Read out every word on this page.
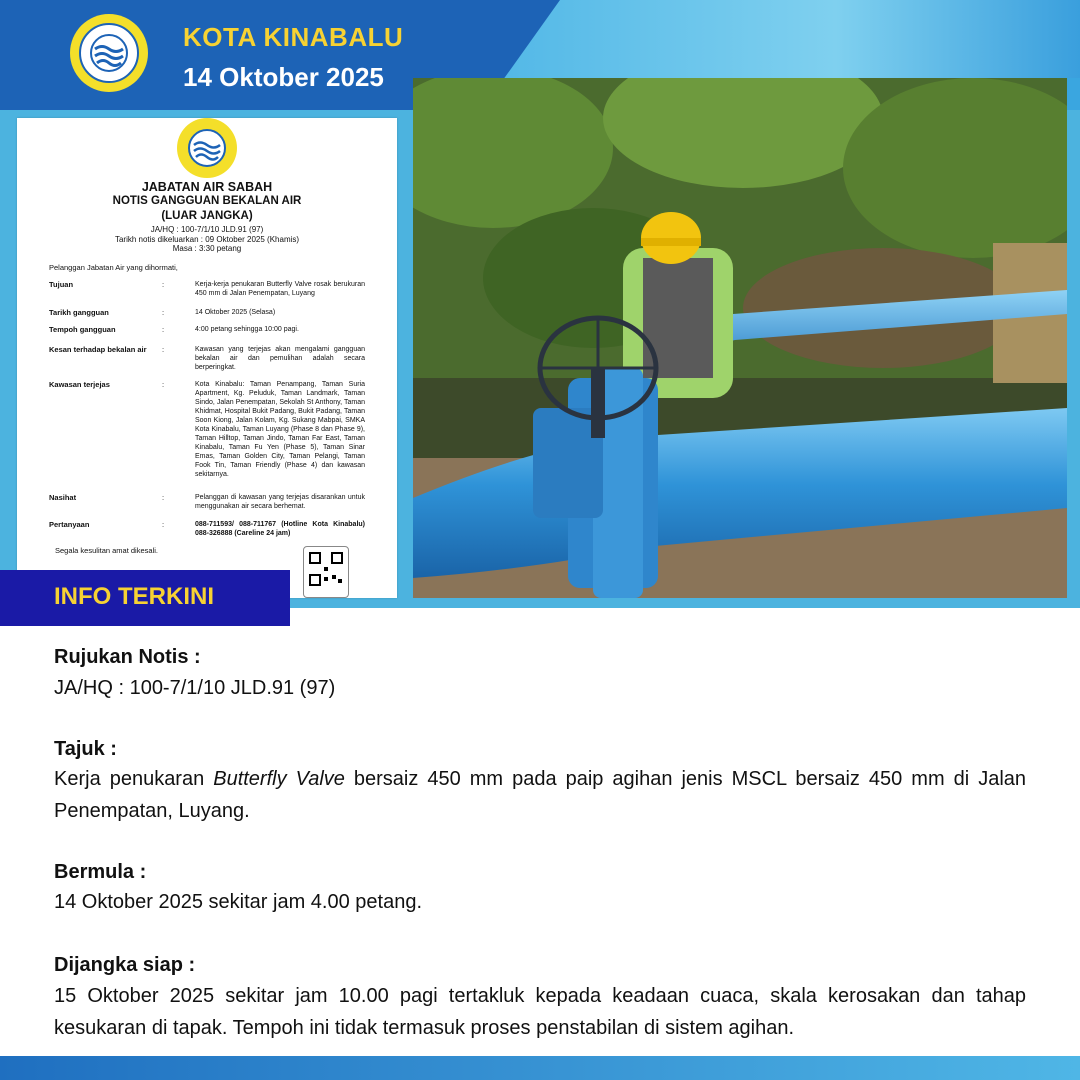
KOTA KINABALU
14 Oktober 2025
JABATAN AIR SABAH
NOTIS GANGGUAN BEKALAN AIR
(LUAR JANGKA)
JA/HQ : 100-7/1/10 JLD.91 (97)
Tarikh notis dikeluarkan : 09 Oktober 2025 (Khamis)
Masa : 3:30 petang
Pelanggan Jabatan Air yang dihormati,
Tujuan	:	Kerja-kerja penukaran Butterfly Valve rosak berukuran 450 mm di Jalan Penempatan, Luyang
Tarikh gangguan	:	14 Oktober 2025 (Selasa)
Tempoh gangguan	:	4:00 petang sehingga 10:00 pagi.
Kesan terhadap bekalan air :	Kawasan yang terjejas akan mengalami gangguan bekalan air dan pemulihan adalah secara berperingkat.
Kawasan terjejas	:	Kota Kinabalu: Taman Penampang, Taman Suria Apartment, Kg. Peluduk, Taman Landmark, Taman Sindo, Jalan Penempatan, Sekolah St Anthony, Taman Khidmat, Hospital Bukit Padang, Bukit Padang, Taman Soon Kiong, Jalan Kolam, Kg. Sukang Mabpai, SMKA Kota Kinabalu, Taman Luyang (Phase 8 dan Phase 9), Taman Hilltop, Taman Jindo, Taman Far East, Taman Kinabalu, Taman Fu Yen (Phase 5), Taman Sinar Emas, Taman Golden City, Taman Pelangi, Taman Fook Tin, Taman Friendly (Phase 4) dan kawasan sekitarnya.
Nasihat	:	Pelanggan di kawasan yang terjejas disarankan untuk menggunakan air secara berhemat.
Pertanyaan	:	088-711593/ 088-711767 (Hotline Kota Kinabalu) 088-326888 (Careline 24 jam)
Segala kesulitan amat dikesali.
INFO TERKINI
Rujukan Notis :
JA/HQ : 100-7/1/10 JLD.91 (97)
Tajuk :
Kerja penukaran Butterfly Valve bersaiz 450 mm pada paip agihan jenis MSCL bersaiz 450 mm di Jalan Penempatan, Luyang.
Bermula :
14 Oktober 2025 sekitar jam 4.00 petang.
Dijangka siap :
15 Oktober 2025 sekitar jam 10.00 pagi tertakluk kepada keadaan cuaca, skala kerosakan dan tahap kesukaran di tapak. Tempoh ini tidak termasuk proses penstabilan di sistem agihan.
